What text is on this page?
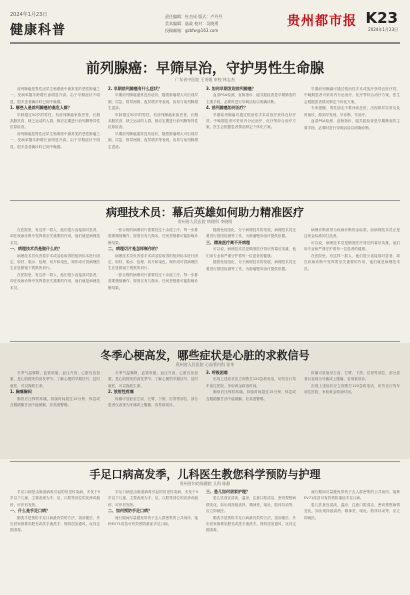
2024年1月23日
健康科普
责任编辑：杜杰成 版式：卢丹丹
美术编辑：陆政 校对：吴晓勇
投稿邮箱：gzbfw@163.com
贵州都市报 K23
2024年1月23日
前列腺癌：早筛早治，守护男性生命腺
广东省中医院 王英媛 审校 林志杰

前列腺癌是男性泌尿生殖系统中最常见的恶性肿瘤之一，发病率随年龄增长而明显升高。由于早期症状不明显，很多患者确诊时已到中晚期。

1. 哪些人是前列腺癌的高危人群？

年龄超过50岁的男性，有前列腺癌家族史者，长期高脂饮食、缺乏运动的人群，都应定期进行前列腺特异性抗原检查。

前列腺癌是男性泌尿生殖系统中最常见的恶性肿瘤之一，发病率随年龄增长而明显升高。由于早期症状不明显，很多患者确诊时已到中晚期。

2. 早期前列腺癌有什么症状？

早期前列腺癌通常没有症状，随着肿瘤增大可出现尿频、尿急、排尿困难、夜尿增多等表现，容易与前列腺增生混淆。

年龄超过50岁的男性，有前列腺癌家族史者，长期高脂饮食、缺乏运动的人群，都应定期进行前列腺特异性抗原检查。

早期前列腺癌通常没有症状，随着肿瘤增大可出现尿频、尿急、排尿困难、夜尿增多等表现，容易与前列腺增生混淆。

3. 如何早期发现前列腺癌？

血清PSA检测、直肠指诊、磁共振检查是早期筛查的主要手段，必要时进行穿刺活检以明确诊断。

4. 前列腺癌如何治疗？

早期前列腺癌可通过根治性手术或放疗获得良好疗效，中晚期患者可采用内分泌治疗、化疗等综合治疗方案，医生会根据患者情况制定个体化方案。

早期前列腺癌可通过根治性手术或放疗获得良好疗效，中晚期患者可采用内分泌治疗、化疗等综合治疗方案，医生会根据患者情况制定个体化方案。

专家提醒，男性朋友不要讳疾忌医，出现排尿异常应及时就诊，做到早发现、早诊断、早治疗。

血清PSA检测、直肠指诊、磁共振检查是早期筛查的主要手段，必要时进行穿刺活检以明确诊断。

病理技术员：幕后英雄如何助力精准医疗
贵州省人民医院 病理科 李晓明

在医院里，有这样一群人，他们很少直接面对患者，却在疾病诊断中发挥着至关重要的作用，他们就是病理技术员。

一、病理技术员是做什么的？

病理技术员负责将手术或活检取得的组织标本进行固定、取材、脱水、包埋、切片和染色，制作成可供病理医生在显微镜下观察的切片。

在医院里，有这样一群人，他们很少直接面对患者，却在疾病诊断中发挥着至关重要的作用，他们就是病理技术员。

一张合格的病理切片需要经过十余道工序，每一步都需要精细操作，厚度仅有几微米，任何差错都可能影响诊断结果。

二、病理切片是怎样制作的？

病理技术员负责将手术或活检取得的组织标本进行固定、取材、脱水、包埋、切片和染色，制作成可供病理医生在显微镜下观察的切片。

一张合格的病理切片需要经过十余道工序，每一步都需要精细操作，厚度仅有几微米，任何差错都可能影响诊断结果。

随着免疫组化、分子病理技术的发展，病理技术员还要进行基因检测等工作，为肿瘤靶向治疗提供依据。

三、精准医疗离不开病理

可以说，病理技术员是精准医疗背后的幕后英雄，他们用专业和严谨守护着每一位患者的健康。

随着免疫组化、分子病理技术的发展，病理技术员还要进行基因检测等工作，为肿瘤靶向治疗提供依据。

病理诊断被誉为疾病诊断的金标准，而病理技术员正是这块金标准的打造者。

可以说，病理技术员是精准医疗背后的幕后英雄，他们用专业和严谨守护着每一位患者的健康。

在医院里，有这样一群人，他们很少直接面对患者，却在疾病诊断中发挥着至关重要的作用，他们就是病理技术员。

冬季心梗高发，哪些症状是心脏的求救信号
贵州省人民医院 心血管内科 张华

冬季气温骤降，血管收缩，血压升高，心脏负担加重，是心肌梗死的高发季节。了解心梗的早期信号，及时就医，可以挽救生命。

1. 胸痛胸闷

胸骨后压榨样疼痛，持续时间超过15分钟，休息或含服硝酸甘油不能缓解，应高度警惕。

冬季气温骤降，血管收缩，血压升高，心脏负担加重，是心肌梗死的高发季节。了解心梗的早期信号，及时就医，可以挽救生命。

2. 放射性疼痛

疼痛可放射至左肩、左臂、下颌、后背等部位，部分患者仅表现为牙痛或上腹痛，容易被误诊。

3. 呼吸困难

出现上述症状应立即拨打120急救电话，切勿自行驾车前往医院，争取黄金救治时间。

胸骨后压榨样疼痛，持续时间超过15分钟，休息或含服硝酸甘油不能缓解，应高度警惕。

疼痛可放射至左肩、左臂、下颌、后背等部位，部分患者仅表现为牙痛或上腹痛，容易被误诊。

出现上述症状应立即拨打120急救电话，切勿自行驾车前往医院，争取黄金救治时间。

手足口病高发季，儿科医生教您科学预防与护理
贵州省妇幼保健院 儿科 陈静

手足口病是由肠道病毒引起的常见传染病，多发于5岁以下儿童，主要表现为手、足、口腔等部位的皮疹或疱疹，可伴有发热。

一、什么是手足口病？

勤洗手是预防手足口病最有效的方法，饭前便后、外出回家都要用肥皂或洗手液洗手，保持居室通风，玩具定期消毒。

手足口病是由肠道病毒引起的常见传染病，多发于5岁以下儿童，主要表现为手、足、口腔等部位的皮疹或疱疹，可伴有发热。

二、如何预防手足口病？

流行期间尽量避免带孩子去人群密集的公共场所，接种EV71疫苗可有效预防重症手足口病。

三、患儿如何居家护理？

患儿饮食宜清淡、温凉，注意口腔清洁，密切观察病情变化，如出现持续高热、精神差、呕吐、肢体抖动等，应立即就医。

勤洗手是预防手足口病最有效的方法，饭前便后、外出回家都要用肥皂或洗手液洗手，保持居室通风，玩具定期消毒。

流行期间尽量避免带孩子去人群密集的公共场所，接种EV71疫苗可有效预防重症手足口病。

患儿饮食宜清淡、温凉，注意口腔清洁，密切观察病情变化，如出现持续高热、精神差、呕吐、肢体抖动等，应立即就医。
